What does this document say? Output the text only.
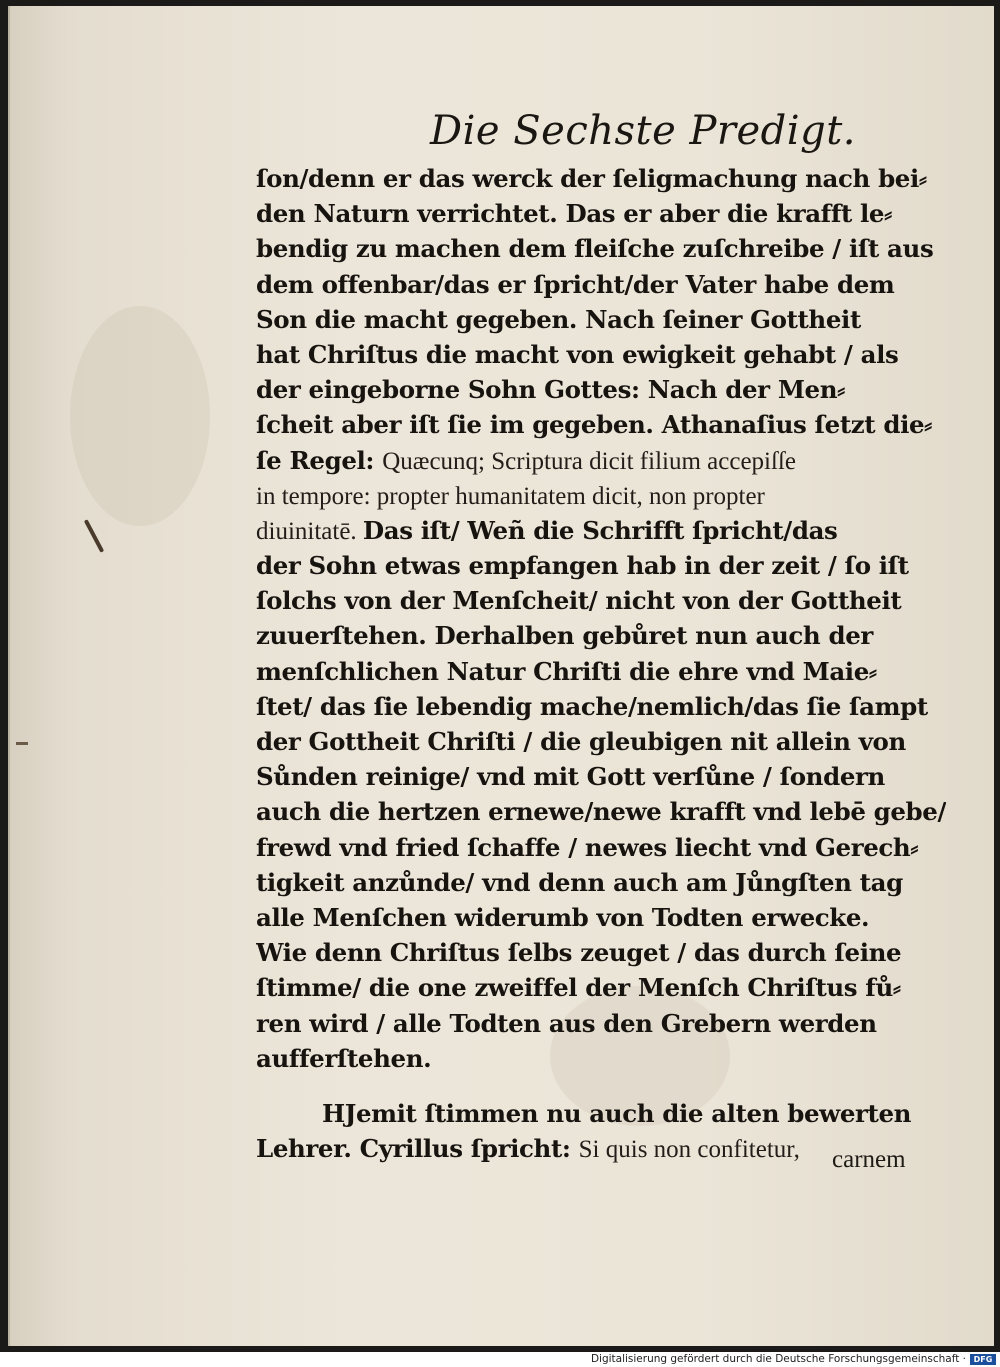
Die Sechste Predigt.
ſon/denn er das werck der ſeligmachung nach bei⸗
den Naturn verrichtet. Das er aber die krafft le⸗
bendig zu machen dem fleiſche zuſchreibe / iſt aus
dem offenbar/das er ſpricht/der Vater habe dem
Son die macht gegeben. Nach ſeiner Gottheit
hat Chriſtus die macht von ewigkeit gehabt / als
der eingeborne Sohn Gottes: Nach der Men⸗
ſcheit aber iſt ſie im gegeben. Athanaſius ſetzt die⸗
ſe Regel: Quæcunq; Scriptura dicit filium accepiſſe
in tempore: propter humanitatem dicit, non propter
diuinitatē. Das iſt/ Weñ die Schrifft ſpricht/das
der Sohn etwas empfangen hab in der zeit / ſo iſt
ſolchs von der Menſcheit/ nicht von der Gottheit
zuuerſtehen. Derhalben gebůret nun auch der
menſchlichen Natur Chriſti die ehre vnd Maie⸗
ſtet/ das ſie lebendig mache/nemlich/das ſie ſampt
der Gottheit Chriſti / die gleubigen nit allein von
Sůnden reinige/ vnd mit Gott verſůne / ſondern
auch die hertzen ernewe/newe krafft vnd lebē gebe/
frewd vnd fried ſchaffe / newes liecht vnd Gerech⸗
tigkeit anzůnde/ vnd denn auch am Jůngſten tag
alle Menſchen widerumb von Todten erwecke.
Wie denn Chriſtus ſelbs zeuget / das durch ſeine
ſtimme/ die one zweiffel der Menſch Chriſtus fů⸗
ren wird / alle Todten aus den Grebern werden
aufferſtehen.
HJemit ſtimmen nu auch die alten bewerten
Lehrer. Cyrillus ſpricht: Si quis non confitetur,	carnem
Digitalisierung gefördert durch die Deutsche Forschungsgemeinschaft · DFG
